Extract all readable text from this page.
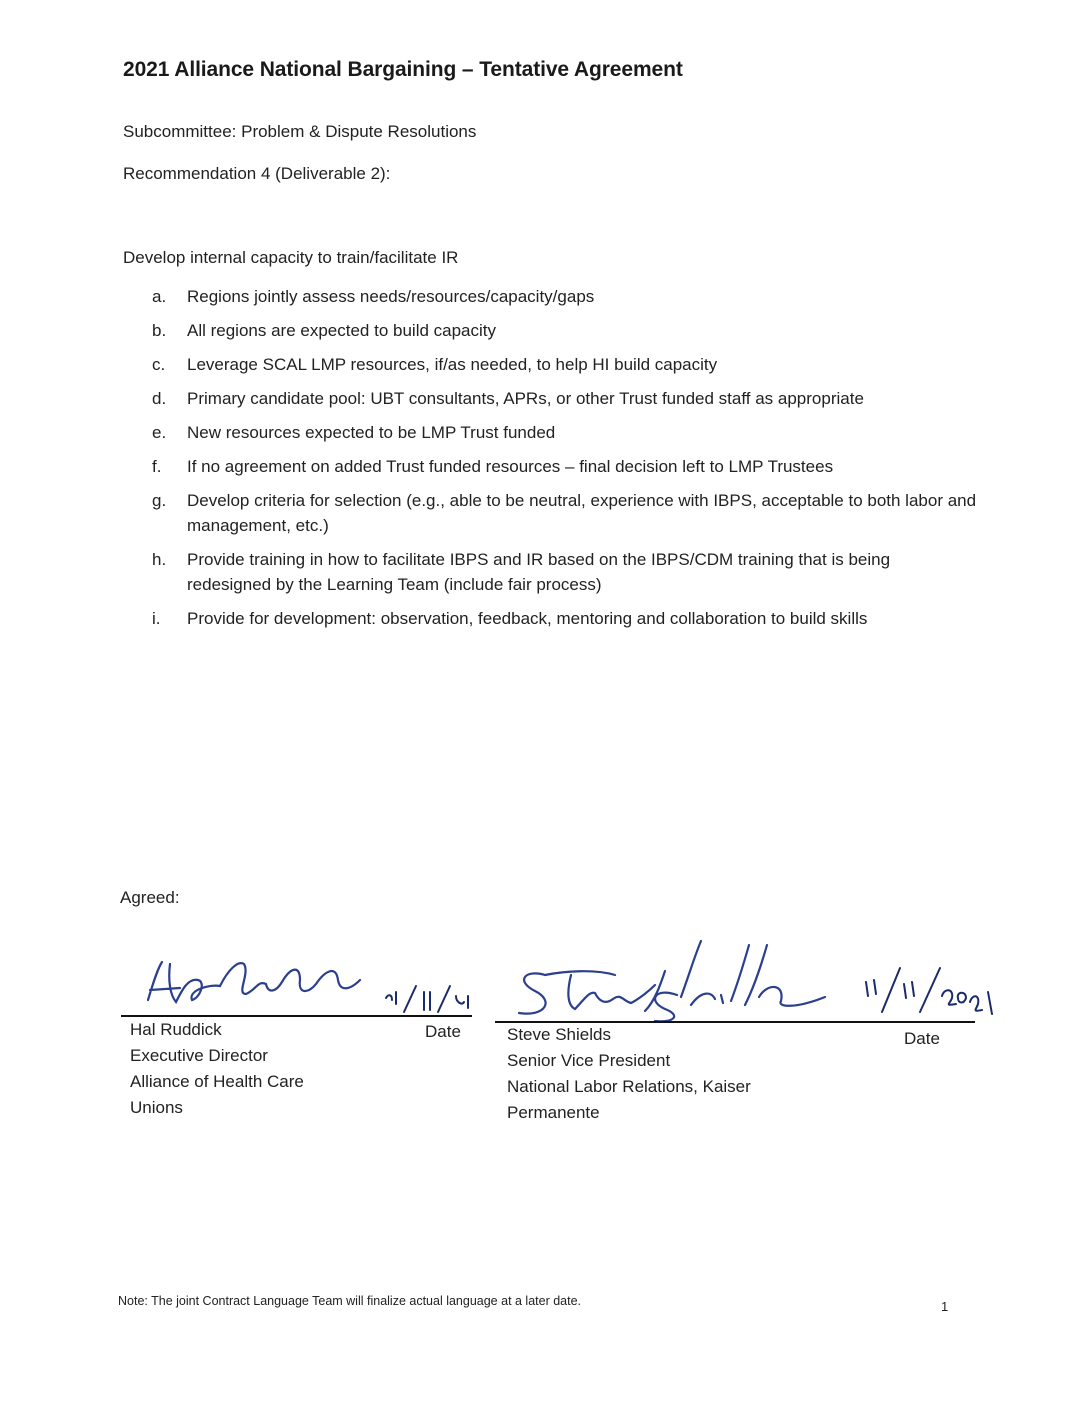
2021 Alliance National Bargaining – Tentative Agreement
Subcommittee: Problem & Dispute Resolutions
Recommendation 4 (Deliverable 2):
Develop internal capacity to train/facilitate IR
a. Regions jointly assess needs/resources/capacity/gaps
b. All regions are expected to build capacity
c. Leverage SCAL LMP resources, if/as needed, to help HI build capacity
d. Primary candidate pool: UBT consultants, APRs, or other Trust funded staff as appropriate
e. New resources expected to be LMP Trust funded
f. If no agreement on added Trust funded resources – final decision left to LMP Trustees
g. Develop criteria for selection (e.g., able to be neutral, experience with IBPS, acceptable to both labor and management, etc.)
h. Provide training in how to facilitate IBPS and IR based on the IBPS/CDM training that is being redesigned by the Learning Team (include fair process)
i. Provide for development: observation, feedback, mentoring and collaboration to build skills
Agreed:
Date
Hal Ruddick
Executive Director
Alliance of Health Care
Unions
Date
Steve Shields
Senior Vice President
National Labor Relations, Kaiser
Permanente
Note: The joint Contract Language Team will finalize actual language at a later date.	1
